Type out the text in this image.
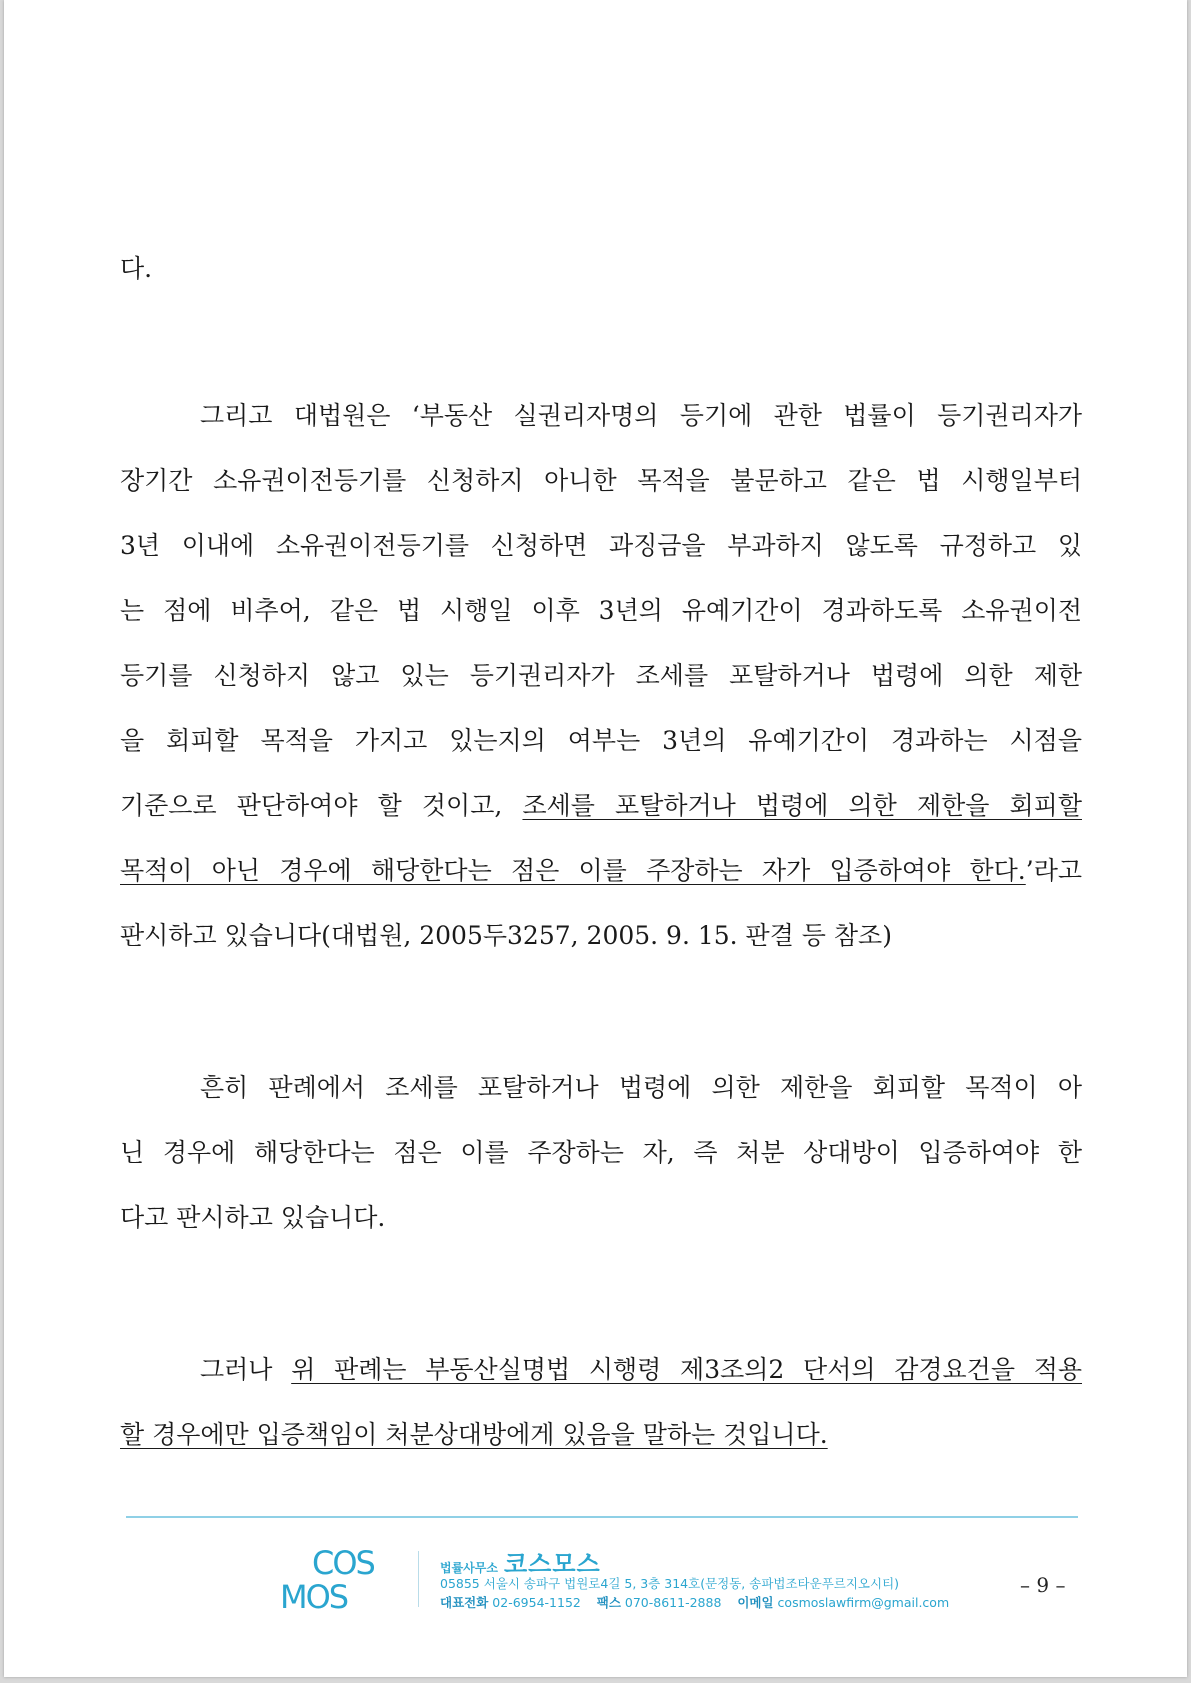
다.
그리고 대법원은 ‘부동산 실권리자명의 등기에 관한 법률이 등기권리자가
장기간 소유권이전등기를 신청하지 아니한 목적을 불문하고 같은 법 시행일부터
3년 이내에 소유권이전등기를 신청하면 과징금을 부과하지 않도록 규정하고 있
는 점에 비추어, 같은 법 시행일 이후 3년의 유예기간이 경과하도록 소유권이전
등기를 신청하지 않고 있는 등기권리자가 조세를 포탈하거나 법령에 의한 제한
을 회피할 목적을 가지고 있는지의 여부는 3년의 유예기간이 경과하는 시점을
기준으로 판단하여야 할 것이고, 조세를 포탈하거나 법령에 의한 제한을 회피할
목적이 아닌 경우에 해당한다는 점은 이를 주장하는 자가 입증하여야 한다.’라고
판시하고 있습니다(대법원, 2005두3257, 2005. 9. 15. 판결 등 참조)
흔히 판례에서 조세를 포탈하거나 법령에 의한 제한을 회피할 목적이 아
닌 경우에 해당한다는 점은 이를 주장하는 자, 즉 처분 상대방이 입증하여야 한
다고 판시하고 있습니다.
그러나 위 판례는 부동산실명법 시행령 제3조의2 단서의 감경요건을 적용
할 경우에만 입증책임이 처분상대방에게 있음을 말하는 것입니다.
COS
MOS
법률사무소 코스모스
05855 서울시 송파구 법원로4길 5, 3층 314호(문정동, 송파법조타운푸르지오시티)
대표전화 02-6954-1152 팩스 070-8611-2888 이메일 cosmoslawfirm@gmail.com
– 9 –
